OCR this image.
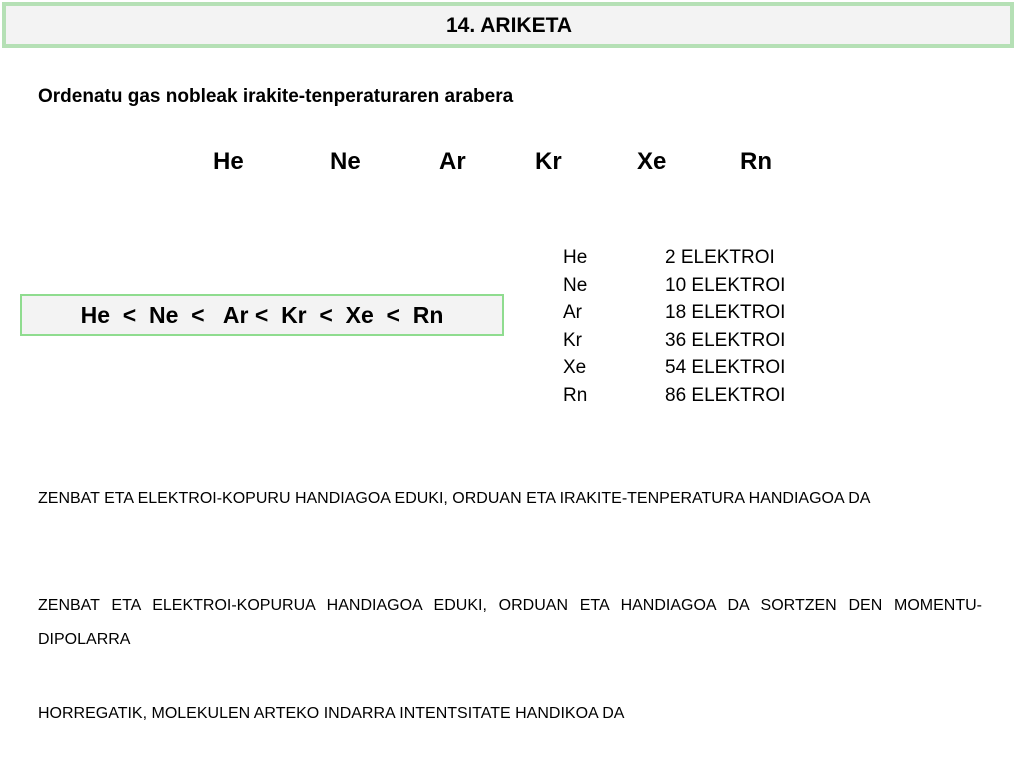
14. ARIKETA
Ordenatu gas nobleak irakite-tenperaturaren arabera
He	Ne	Ar	Kr	Xe	Rn
He  <  Ne  <   Ar <  Kr  <  Xe  <  Rn
He	2 ELEKTROI
Ne	10 ELEKTROI
Ar	18 ELEKTROI
Kr	36 ELEKTROI
Xe	54 ELEKTROI
Rn	86 ELEKTROI
ZENBAT ETA ELEKTROI-KOPURU HANDIAGOA EDUKI, ORDUAN ETA IRAKITE-TENPERATURA HANDIAGOA DA
ZENBAT ETA ELEKTROI-KOPURUA HANDIAGOA EDUKI, ORDUAN ETA HANDIAGOA DA SORTZEN DEN MOMENTU-DIPOLARRA
HORREGATIK, MOLEKULEN ARTEKO INDARRA INTENTSITATE HANDIKOA DA
